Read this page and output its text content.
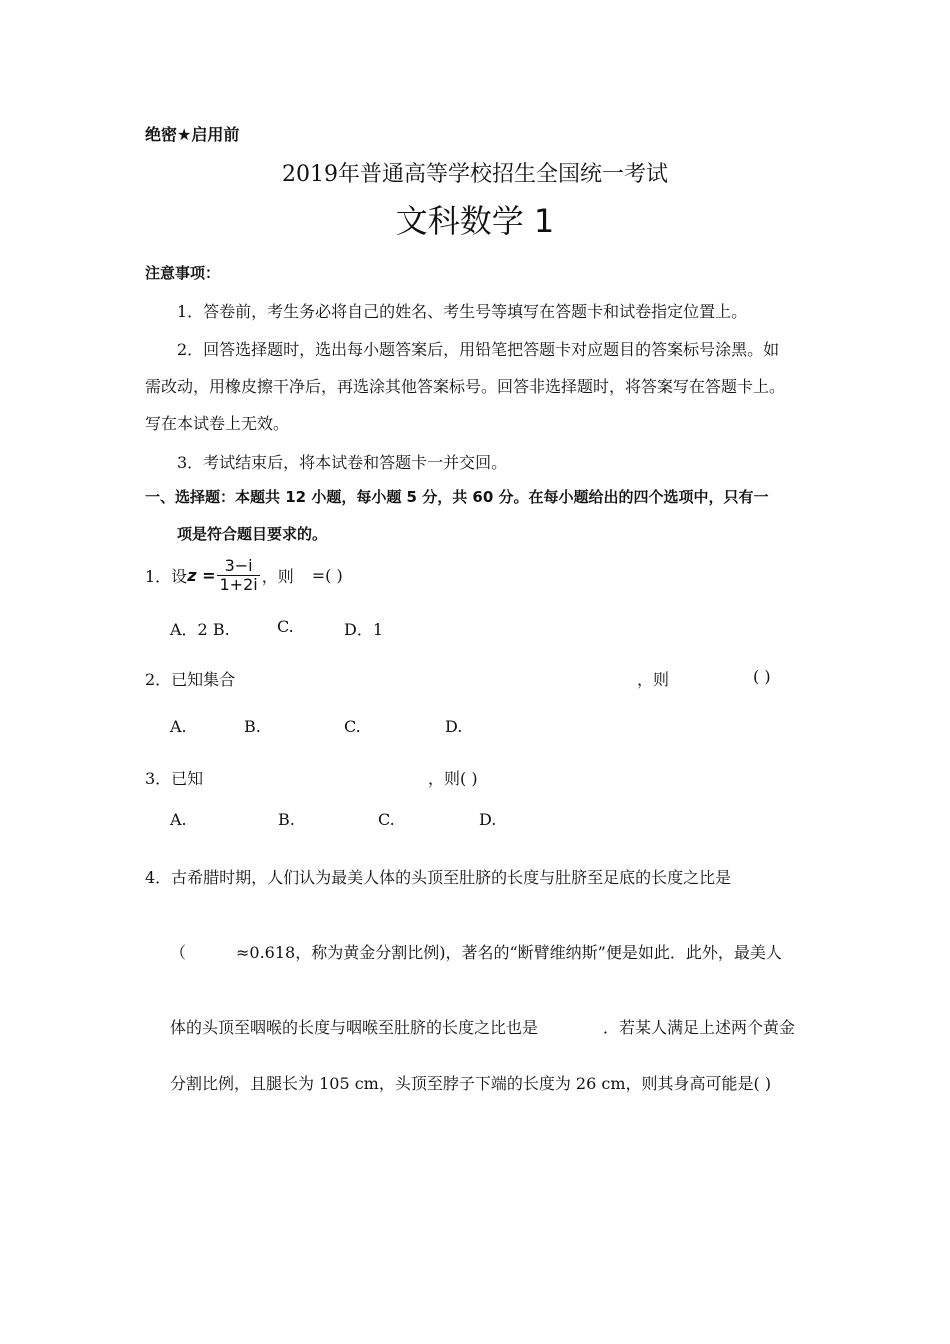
绝密★启用前
2019年普通高等学校招生全国统一考试
文科数学 1
注意事项：
1．答卷前，考生务必将自己的姓名、考生号等填写在答题卡和试卷指定位置上。
2．回答选择题时，选出每小题答案后，用铅笔把答题卡对应题目的答案标号涂黑。如
需改动，用橡皮擦干净后，再选涂其他答案标号。回答非选择题时，将答案写在答题卡上。
写在本试卷上无效。
3．考试结束后，将本试卷和答题卡一并交回。
一、选择题：本题共 12 小题，每小题 5 分，共 60 分。在每小题给出的四个选项中，只有一
项是符合题目要求的。
1．设 $z = \frac{3-i}{1+2i}$ ，则 =( )
A．2 B.	C.	D．1
2．已知集合	，则	( )
A.	B.	C.	D.
3．已知	，则( )
A.	B.	C.	D.
4．古希腊时期，人们认为最美人体的头顶至肚脐的长度与肚脐至足底的长度之比是
（	≈0.618，称为黄金分割比例)，著名的“断臂维纳斯”便是如此．此外，最美人
体的头顶至咽喉的长度与咽喉至肚脐的长度之比也是	．若某人满足上述两个黄金
分割比例，且腿长为 105 cm，头顶至脖子下端的长度为 26 cm，则其身高可能是( )
